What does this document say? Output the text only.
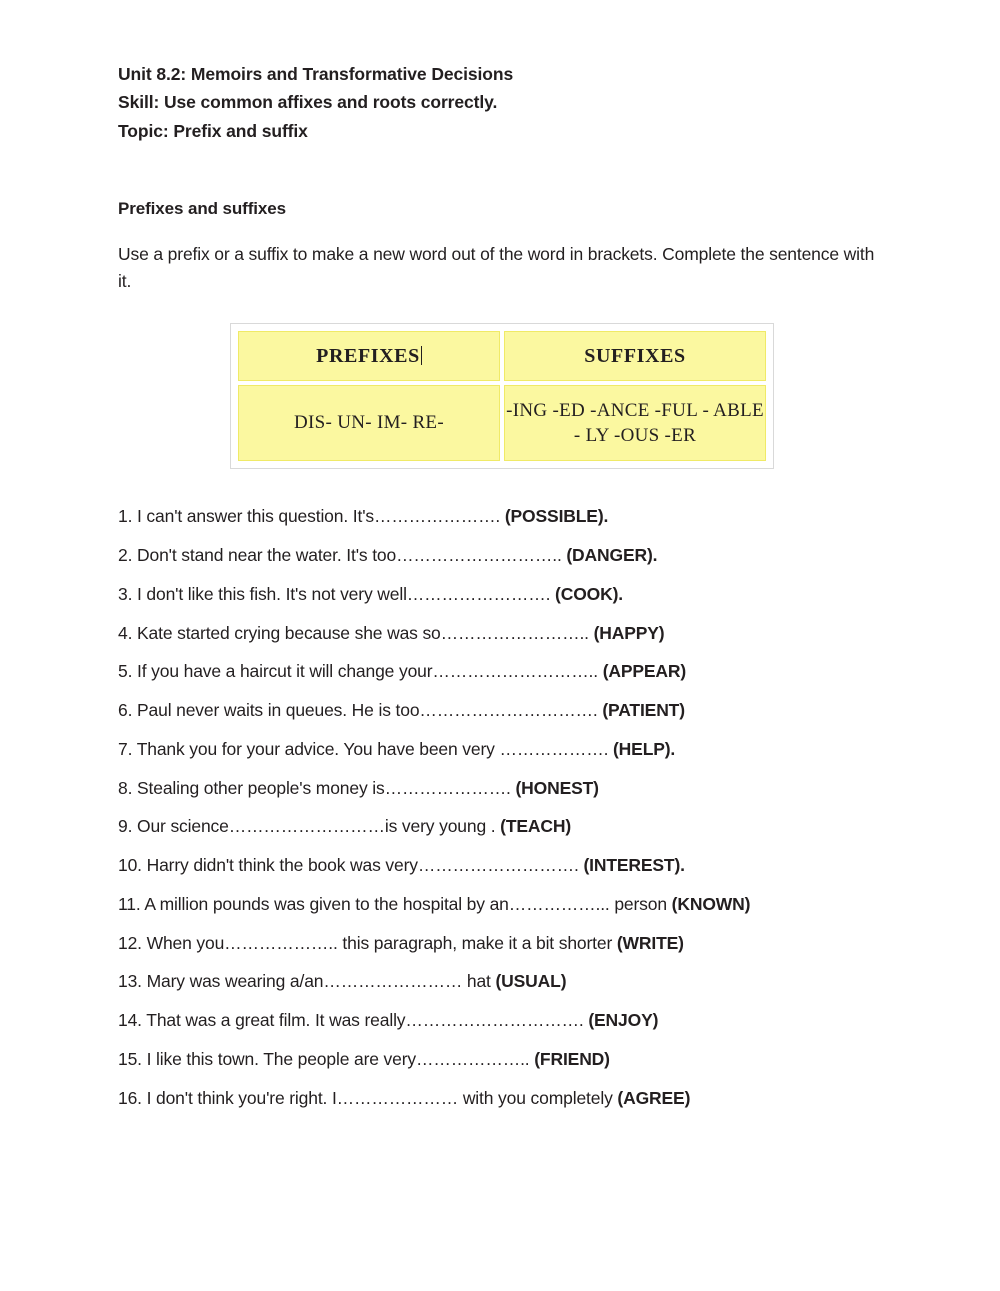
Unit 8.2: Memoirs and Transformative Decisions
Skill: Use common affixes and roots correctly.
Topic: Prefix and suffix
Prefixes and suffixes
Use a prefix or a suffix to make a new word out of the word in brackets. Complete the sentence with it.
PREFIXES	SUFFIXES
DIS- UN- IM- RE-	-ING -ED -ANCE -FUL - ABLE - LY -OUS -ER
1. I can't answer this question. It's…………………. (POSSIBLE).
2. Don't stand near the water. It's too……………………….. (DANGER).
3. I don't like this fish. It's not very well……………………. (COOK).
4. Kate started crying because she was so…………………….. (HAPPY)
5. If you have a haircut it will change your……………………….. (APPEAR)
6. Paul never waits in queues. He is too…………………………. (PATIENT)
7. Thank you for your advice. You have been very ………………. (HELP).
8. Stealing other people's money is…………………. (HONEST)
9. Our science………………………is very young . (TEACH)
10. Harry didn't think the book was very………………………. (INTEREST).
11. A million pounds was given to the hospital by an……………... person (KNOWN)
12. When you……………….. this paragraph, make it a bit shorter (WRITE)
13. Mary was wearing a/an…………………… hat (USUAL)
14. That was a great film. It was really…………………………. (ENJOY)
15. I like this town. The people are very……………….. (FRIEND)
16. I don't think you're right. I………………… with you completely (AGREE)
